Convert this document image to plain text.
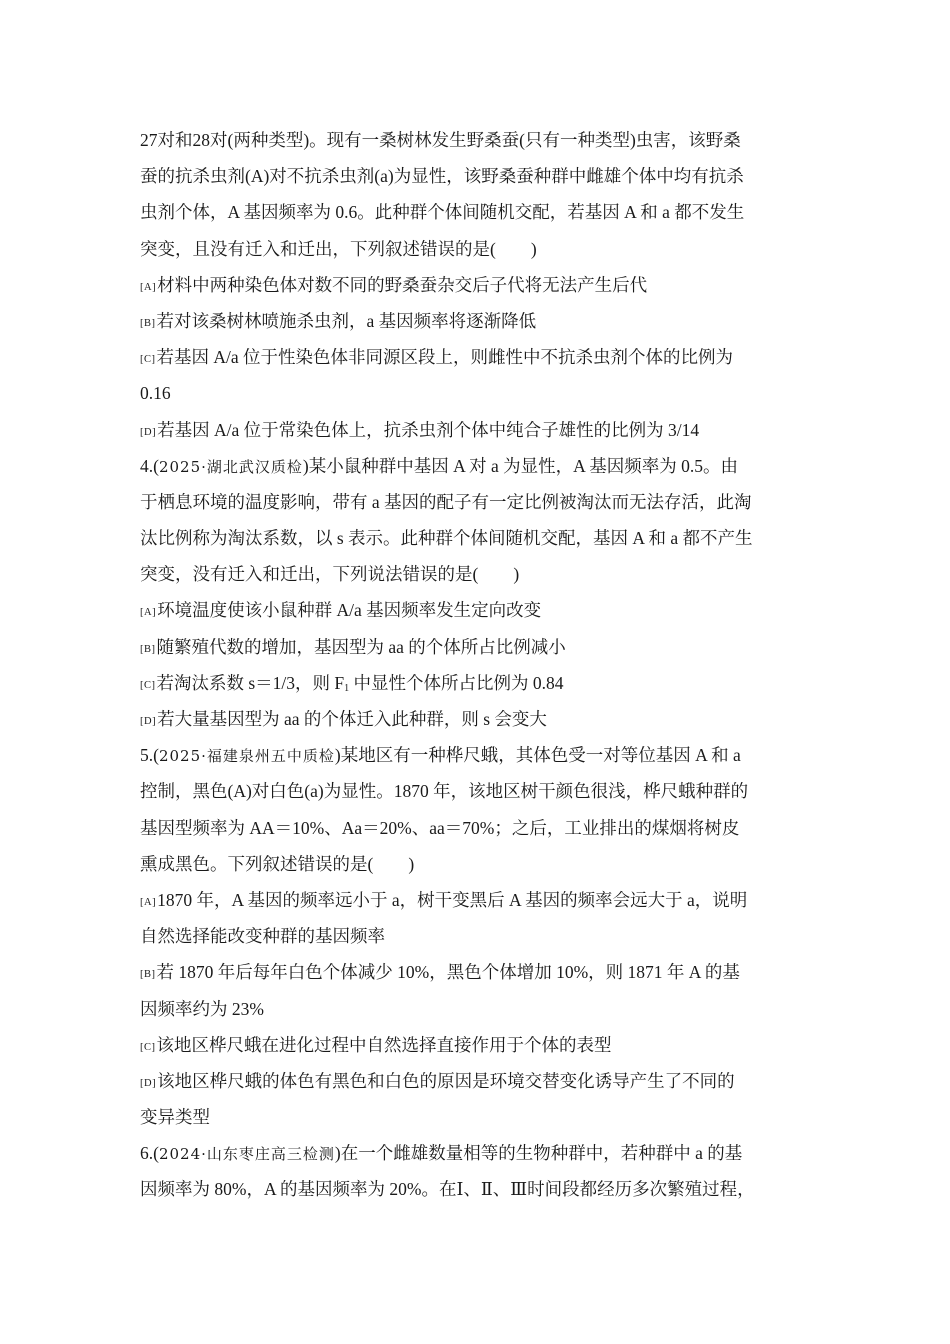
27对和28对(两种类型)。现有一桑树林发生野桑蚕(只有一种类型)虫害，该野桑
蚕的抗杀虫剂(A)对不抗杀虫剂(a)为显性，该野桑蚕种群中雌雄个体中均有抗杀
虫剂个体，A 基因频率为 0.6。此种群个体间随机交配，若基因 A 和 a 都不发生
突变，且没有迁入和迁出，下列叙述错误的是(　　)
[A]材料中两种染色体对数不同的野桑蚕杂交后子代将无法产生后代
[B]若对该桑树林喷施杀虫剂，a 基因频率将逐渐降低
[C]若基因 A/a 位于性染色体非同源区段上，则雌性中不抗杀虫剂个体的比例为
0.16
[D]若基因 A/a 位于常染色体上，抗杀虫剂个体中纯合子雄性的比例为 3/14
4.(2025·湖北武汉质检)某小鼠种群中基因 A 对 a 为显性，A 基因频率为 0.5。由
于栖息环境的温度影响，带有 a 基因的配子有一定比例被淘汰而无法存活，此淘
汰比例称为淘汰系数，以 s 表示。此种群个体间随机交配，基因 A 和 a 都不产生
突变，没有迁入和迁出，下列说法错误的是(　　)
[A]环境温度使该小鼠种群 A/a 基因频率发生定向改变
[B]随繁殖代数的增加，基因型为 aa 的个体所占比例减小
[C]若淘汰系数 s＝1/3，则 $F_1$ 中显性个体所占比例为 0.84
[D]若大量基因型为 aa 的个体迁入此种群，则 s 会变大
5.(2025·福建泉州五中质检)某地区有一种桦尺蛾，其体色受一对等位基因 A 和 a
控制，黑色(A)对白色(a)为显性。1870 年，该地区树干颜色很浅，桦尺蛾种群的
基因型频率为 AA＝10%、Aa＝20%、aa＝70%；之后，工业排出的煤烟将树皮
熏成黑色。下列叙述错误的是(　　)
[A]1870 年，A 基因的频率远小于 a，树干变黑后 A 基因的频率会远大于 a，说明
自然选择能改变种群的基因频率
[B]若 1870 年后每年白色个体减少 10%，黑色个体增加 10%，则 1871 年 A 的基
因频率约为 23%
[C]该地区桦尺蛾在进化过程中自然选择直接作用于个体的表型
[D]该地区桦尺蛾的体色有黑色和白色的原因是环境交替变化诱导产生了不同的
变异类型
6.(2024·山东枣庄高三检测)在一个雌雄数量相等的生物种群中，若种群中 a 的基
因频率为 80%，A 的基因频率为 20%。在Ⅰ、Ⅱ、Ⅲ时间段都经历多次繁殖过程，
